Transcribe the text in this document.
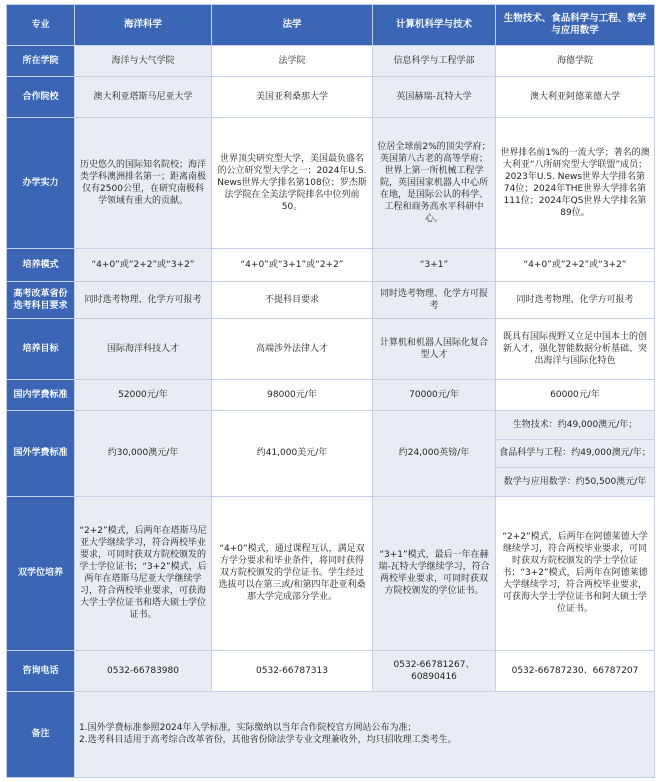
专业	海洋科学	法学	计算机科学与技术	生物技术、食品科学与工程、数学与应用数学
所在学院	海洋与大气学院	法学院	信息科学与工程学部	海德学院
合作院校	澳大利亚塔斯马尼亚大学	美国亚利桑那大学	英国赫瑞-瓦特大学	澳大利亚阿德莱德大学
办学实力	历史悠久的国际知名院校；海洋类学科澳洲排名第一；距离南极仅有2500公里，在研究南极科学领域有重大的贡献。	世界顶尖研究型大学，美国最负盛名的公立研究型大学之一；2024年U.S. News世界大学排名第108位；罗杰斯法学院在全美法学院排名中位列前50。	位居全球前2%的顶尖学府；英国第八古老的高等学府；世界上第一所机械工程学院，英国国家机器人中心所在地，是国际公认的科学、工程和商务高水平科研中心。	世界排名前1%的一流大学；著名的澳大利亚“八所研究型大学联盟”成员；2023年U.S. News世界大学排名第74位；2024年THE世界大学排名第111位；2024年QS世界大学排名第89位。
培养模式	“4+0”或“2+2”或“3+2”	“4+0”或“3+1”或“2+2”	“3+1”	“4+0”或“2+2”或“3+2”
高考改革省份选考科目要求	同时选考物理、化学方可报考	不提科目要求	同时选考物理、化学方可报考	同时选考物理、化学方可报考
培养目标	国际海洋科技人才	高端涉外法律人才	计算机和机器人国际化复合型人才	既具有国际视野又立足中国本土的创新人才，强化智能数据分析基础、突出海洋与国际化特色
国内学费标准	52000元/年	98000元/年	70000元/年	60000元/年
国外学费标准	约30,000澳元/年	约41,000美元/年	约24,000英镑/年	生物技术：约49,000澳元/年；
食品科学与工程：约49,000澳元/年；
数学与应用数学：约50,500澳元/年

双学位培养	“2+2”模式，后两年在塔斯马尼亚大学继续学习，符合两校毕业要求，可同时获双方院校颁发的学士学位证书；“3+2”模式，后两年在塔斯马尼亚大学继续学习，符合两校毕业要求，可获海大学士学位证书和塔大硕士学位证书。	“4+0”模式，通过课程互认，满足双方学分要求和毕业条件，将同时获得双方院校颁发的学位证书。学生经过选拔可以在第三或/和第四年赴亚利桑那大学完成部分学业。	“3+1”模式，最后一年在赫瑞-瓦特大学继续学习，符合两校毕业要求，可同时获双方院校颁发的学位证书。	“2+2”模式，后两年在阿德莱德大学继续学习，符合两校毕业要求，可同时获双方院校颁发的学士学位证书；“3+2”模式，后两年在阿德莱德大学继续学习，符合两校毕业要求，可获海大学士学位证书和阿大硕士学位证书。
咨询电话	0532-66783980	0532-66787313	0532-66781267、60890416	0532-66787230、66787207
备注	1.国外学费标准参照2024年入学标准，实际缴纳以当年合作院校官方网站公布为准；
2.选考科目适用于高考综合改革省份，其他省份除法学专业文理兼收外，均只招收理工类考生。			
